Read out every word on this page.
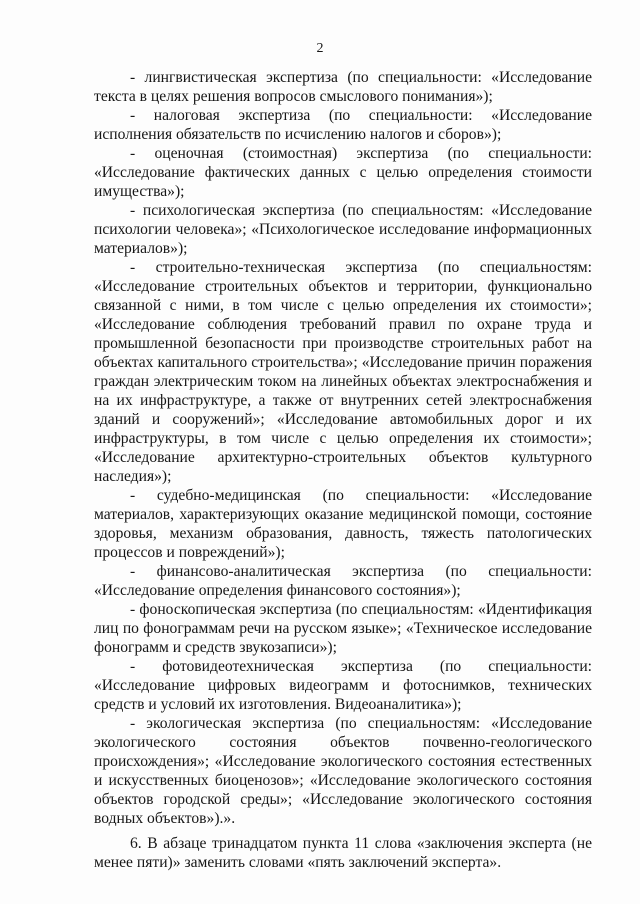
2

- лингвистическая экспертиза (по специальности: «Исследование текста в целях решения вопросов смыслового понимания»);

- налоговая экспертиза (по специальности: «Исследование исполнения обязательств по исчислению налогов и сборов»);

- оценочная (стоимостная) экспертиза (по специальности: «Исследование фактических данных с целью определения стоимости имущества»);

- психологическая экспертиза (по специальностям: «Исследование психологии человека»; «Психологическое исследование информационных материалов»);

- строительно-техническая экспертиза (по специальностям: «Исследование строительных объектов и территории, функционально связанной с ними, в том числе с целью определения их стоимости»; «Исследование соблюдения требований правил по охране труда и промышленной безопасности при производстве строительных работ на объектах капитального строительства»; «Исследование причин поражения граждан электрическим током на линейных объектах электроснабжения и на их инфраструктуре, а также от внутренних сетей электроснабжения зданий и сооружений»; «Исследование автомобильных дорог и их инфраструктуры, в том числе с целью определения их стоимости»; «Исследование архитектурно-строительных объектов культурного наследия»);

- судебно-медицинская (по специальности: «Исследование материалов, характеризующих оказание медицинской помощи, состояние здоровья, механизм образования, давность, тяжесть патологических процессов и повреждений»);

- финансово-аналитическая экспертиза (по специальности: «Исследование определения финансового состояния»);

- фоноскопическая экспертиза (по специальностям: «Идентификация лиц по фонограммам речи на русском языке»; «Техническое исследование фонограмм и средств звукозаписи»);

- фотовидеотехническая экспертиза (по специальности: «Исследование цифровых видеограмм и фотоснимков, технических средств и условий их изготовления. Видеоаналитика»);

- экологическая экспертиза (по специальностям: «Исследование экологического состояния объектов почвенно-геологического происхождения»; «Исследование экологического состояния естественных и искусственных биоценозов»; «Исследование экологического состояния объектов городской среды»; «Исследование экологического состояния водных объектов»).».

6. В абзаце тринадцатом пункта 11 слова «заключения эксперта (не менее пяти)» заменить словами «пять заключений эксперта».
